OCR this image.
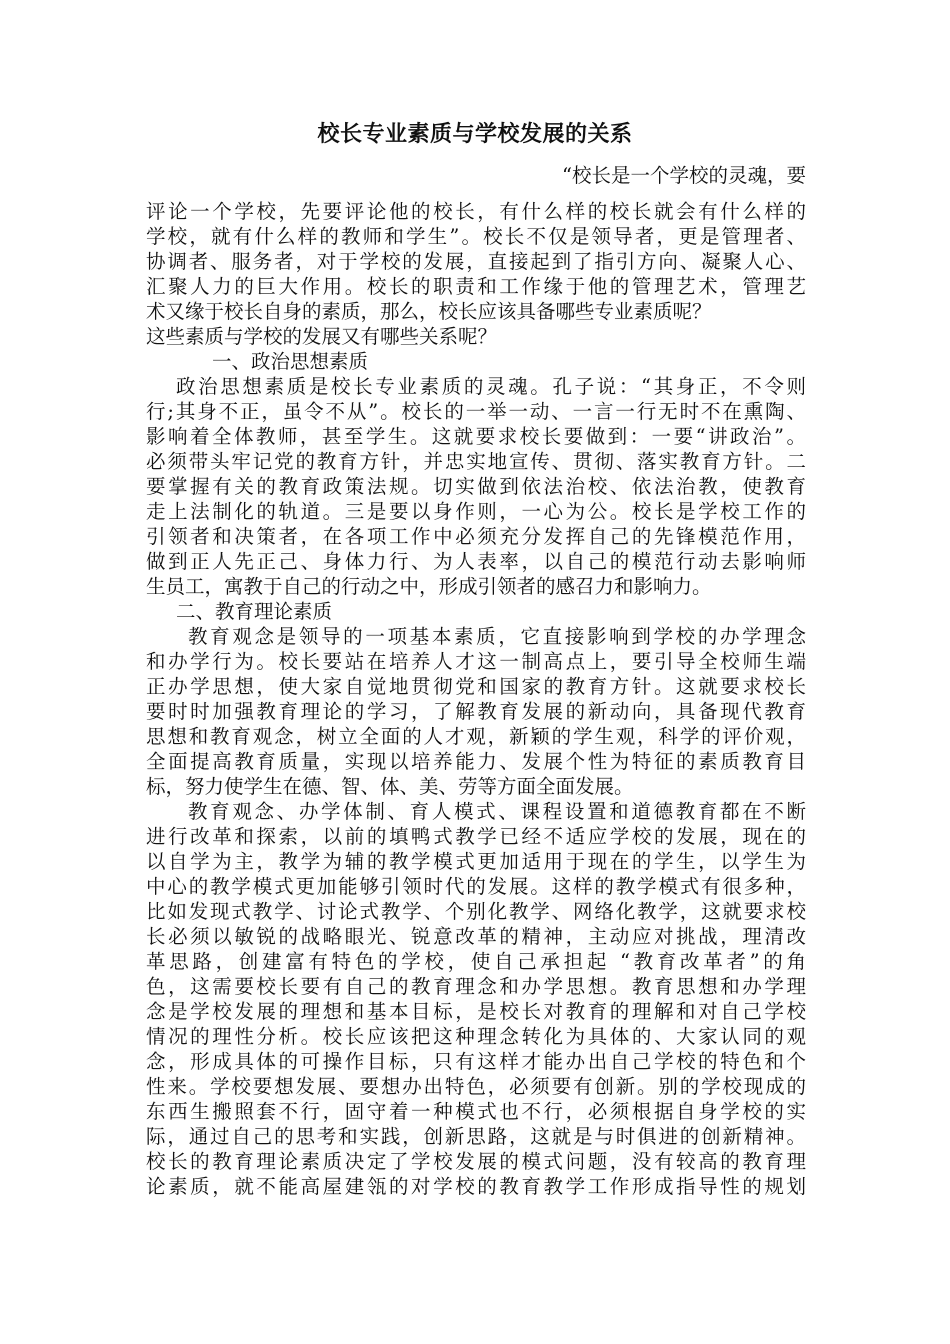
校长专业素质与学校发展的关系
“校长是一个学校的灵魂，要
评论一个学校，先要评论他的校长，有什么样的校长就会有什么样的
学校，就有什么样的教师和学生”。校长不仅是领导者，更是管理者、
协调者、服务者，对于学校的发展，直接起到了指引方向、凝聚人心、
汇聚人力的巨大作用。校长的职责和工作缘于他的管理艺术，管理艺
术又缘于校长自身的素质，那么，校长应该具备哪些专业素质呢？
这些素质与学校的发展又有哪些关系呢？
一、政治思想素质
政治思想素质是校长专业素质的灵魂。孔子说：“其身正，不令则
行;其身不正，虽令不从”。校长的一举一动、一言一行无时不在熏陶、
影响着全体教师，甚至学生。这就要求校长要做到：一要“讲政治”。
必须带头牢记党的教育方针，并忠实地宣传、贯彻、落实教育方针。二
要掌握有关的教育政策法规。切实做到依法治校、依法治教，使教育
走上法制化的轨道。三是要以身作则，一心为公。校长是学校工作的
引领者和决策者，在各项工作中必须充分发挥自己的先锋模范作用，
做到正人先正己、身体力行、为人表率，以自己的模范行动去影响师
生员工，寓教于自己的行动之中，形成引领者的感召力和影响力。
二、教育理论素质
教育观念是领导的一项基本素质，它直接影响到学校的办学理念
和办学行为。校长要站在培养人才这一制高点上，要引导全校师生端
正办学思想，使大家自觉地贯彻党和国家的教育方针。这就要求校长
要时时加强教育理论的学习，了解教育发展的新动向，具备现代教育
思想和教育观念，树立全面的人才观，新颖的学生观，科学的评价观，
全面提高教育质量，实现以培养能力、发展个性为特征的素质教育目
标，努力使学生在德、智、体、美、劳等方面全面发展。
教育观念、办学体制、育人模式、课程设置和道德教育都在不断
进行改革和探索，以前的填鸭式教学已经不适应学校的发展，现在的
以自学为主，教学为辅的教学模式更加适用于现在的学生，以学生为
中心的教学模式更加能够引领时代的发展。这样的教学模式有很多种，
比如发现式教学、讨论式教学、个别化教学、网络化教学，这就要求校
长必须以敏锐的战略眼光、锐意改革的精神，主动应对挑战，理清改
革思路，创建富有特色的学校，使自己承担起 “教育改革者”的角
色，这需要校长要有自己的教育理念和办学思想。教育思想和办学理
念是学校发展的理想和基本目标，是校长对教育的理解和对自己学校
情况的理性分析。校长应该把这种理念转化为具体的、大家认同的观
念，形成具体的可操作目标，只有这样才能办出自己学校的特色和个
性来。学校要想发展、要想办出特色，必须要有创新。别的学校现成的
东西生搬照套不行，固守着一种模式也不行，必须根据自身学校的实
际，通过自己的思考和实践，创新思路，这就是与时俱进的创新精神。
校长的教育理论素质决定了学校发展的模式问题，没有较高的教育理
论素质，就不能高屋建瓴的对学校的教育教学工作形成指导性的规划
